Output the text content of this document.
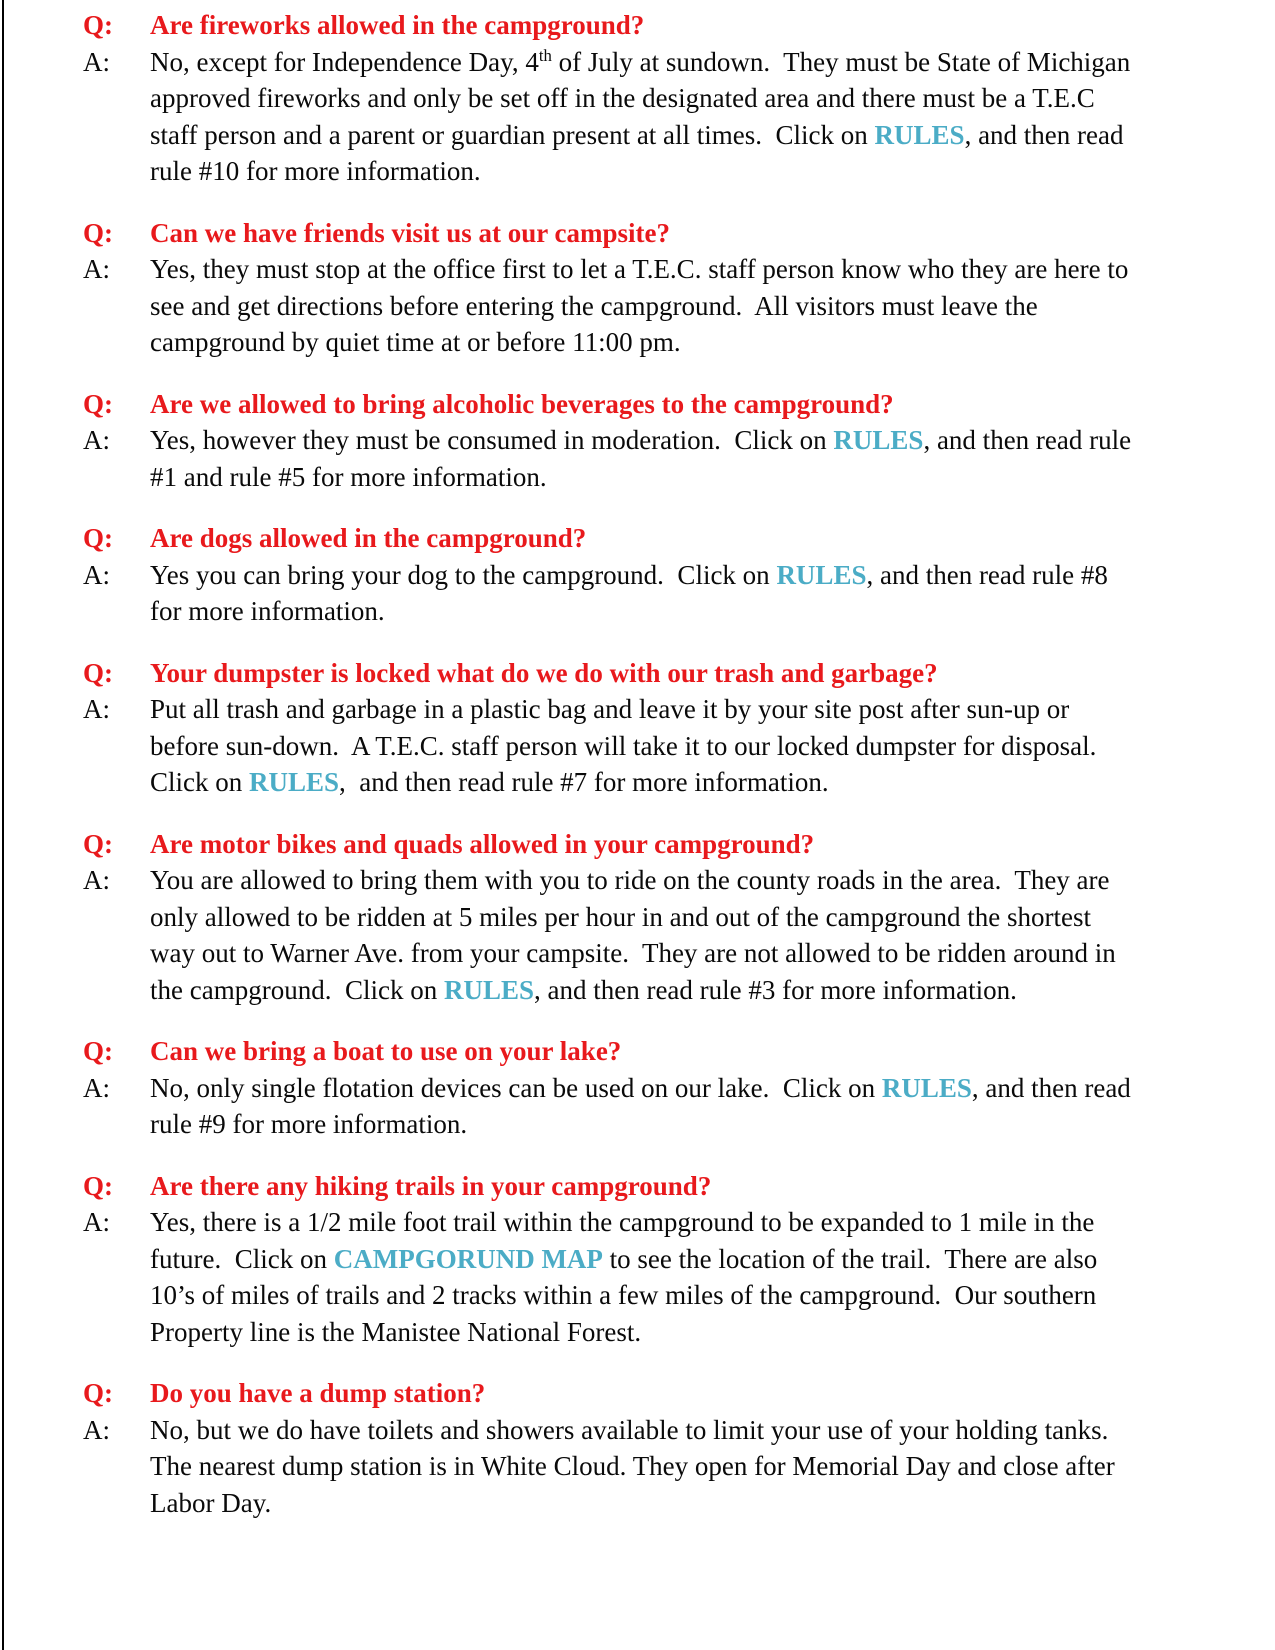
Q:	Are fireworks allowed in the campground?
A:	No, except for Independence Day, 4th of July at sundown.  They must be State of Michigan approved fireworks and only be set off in the designated area and there must be a T.E.C staff person and a parent or guardian present at all times.  Click on RULES, and then read rule #10 for more information.

Q:	Can we have friends visit us at our campsite?
A:	Yes, they must stop at the office first to let a T.E.C. staff person know who they are here to see and get directions before entering the campground.  All visitors must leave the campground by quiet time at or before 11:00 pm.

Q:	Are we allowed to bring alcoholic beverages to the campground?
A:	Yes, however they must be consumed in moderation.  Click on RULES, and then read rule #1 and rule #5 for more information.

Q:	Are dogs allowed in the campground?
A:	Yes you can bring your dog to the campground.  Click on RULES, and then read rule #8 for more information.

Q:	Your dumpster is locked what do we do with our trash and garbage?
A:	Put all trash and garbage in a plastic bag and leave it by your site post after sun-up or before sun-down.  A T.E.C. staff person will take it to our locked dumpster for disposal.  Click on RULES,  and then read rule #7 for more information.

Q:	Are motor bikes and quads allowed in your campground?
A:	You are allowed to bring them with you to ride on the county roads in the area.  They are only allowed to be ridden at 5 miles per hour in and out of the campground the shortest way out to Warner Ave. from your campsite.  They are not allowed to be ridden around in the campground.  Click on RULES, and then read rule #3 for more information.

Q:	Can we bring a boat to use on your lake?
A:	No, only single flotation devices can be used on our lake.  Click on RULES, and then read rule #9 for more information.

Q:	Are there any hiking trails in your campground?
A:	Yes, there is a 1/2 mile foot trail within the campground to be expanded to 1 mile in the future.  Click on CAMPGORUND MAP to see the location of the trail.  There are also 10’s of miles of trails and 2 tracks within a few miles of the campground.  Our southern Property line is the Manistee National Forest.

Q:	Do you have a dump station?
A:	No, but we do have toilets and showers available to limit your use of your holding tanks. The nearest dump station is in White Cloud. They open for Memorial Day and close after Labor Day.
